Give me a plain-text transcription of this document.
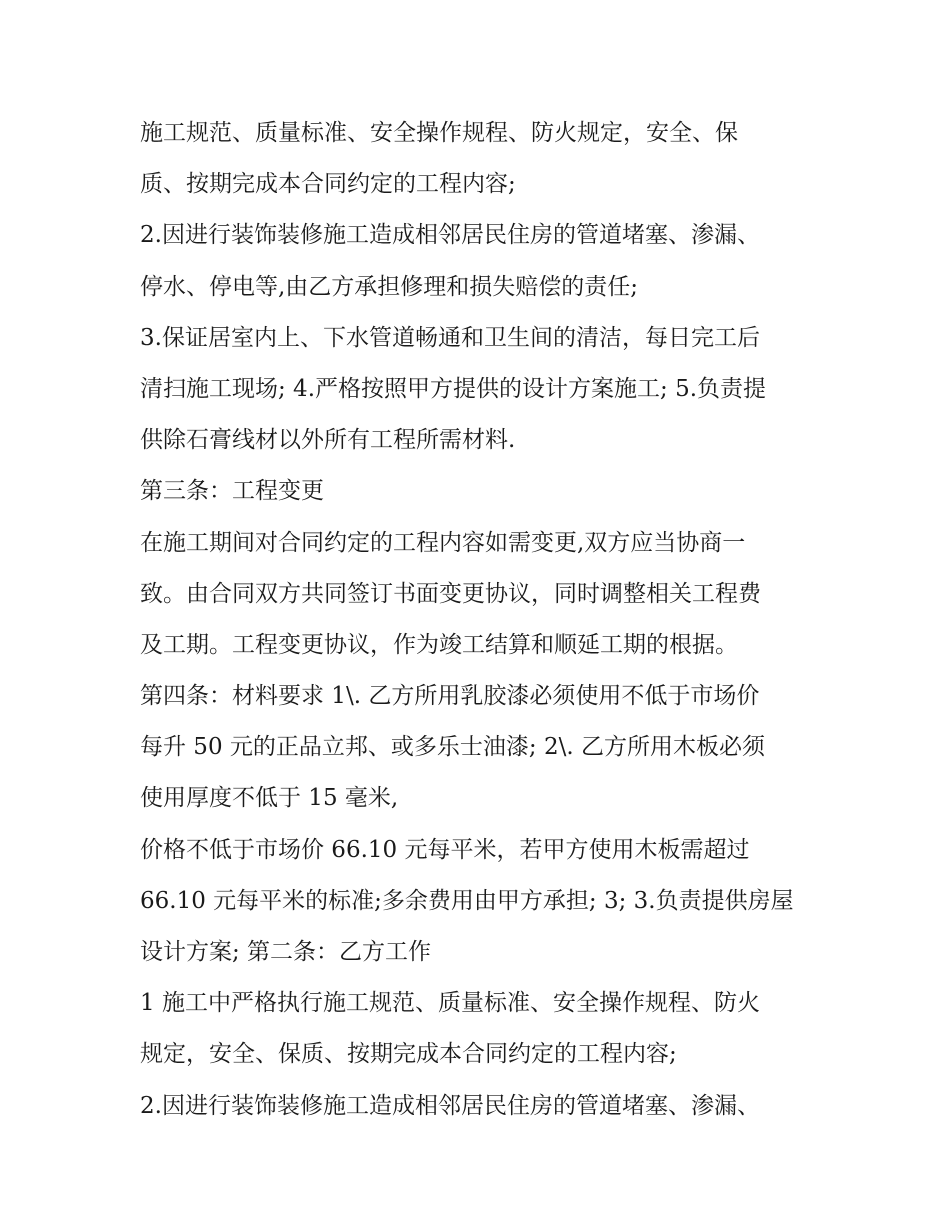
施工规范、质量标准、安全操作规程、防火规定，安全、保
质、按期完成本合同约定的工程内容;
2.因进行装饰装修施工造成相邻居民住房的管道堵塞、渗漏、
停水、停电等,由乙方承担修理和损失赔偿的责任;
3.保证居室内上、下水管道畅通和卫生间的清洁，每日完工后
清扫施工现场; 4.严格按照甲方提供的设计方案施工; 5.负责提
供除石膏线材以外所有工程所需材料.
第三条：工程变更
在施工期间对合同约定的工程内容如需变更,双方应当协商一
致。由合同双方共同签订书面变更协议，同时调整相关工程费
及工期。工程变更协议，作为竣工结算和顺延工期的根据。
第四条：材料要求 1\. 乙方所用乳胶漆必须使用不低于市场价
每升 50 元的正品立邦、或多乐士油漆; 2\. 乙方所用木板必须
使用厚度不低于 15 毫米,
价格不低于市场价 66.10 元每平米，若甲方使用木板需超过
66.10 元每平米的标准;多余费用由甲方承担; 3; 3.负责提供房屋
设计方案; 第二条：乙方工作
1 施工中严格执行施工规范、质量标准、安全操作规程、防火
规定，安全、保质、按期完成本合同约定的工程内容;
2.因进行装饰装修施工造成相邻居民住房的管道堵塞、渗漏、
